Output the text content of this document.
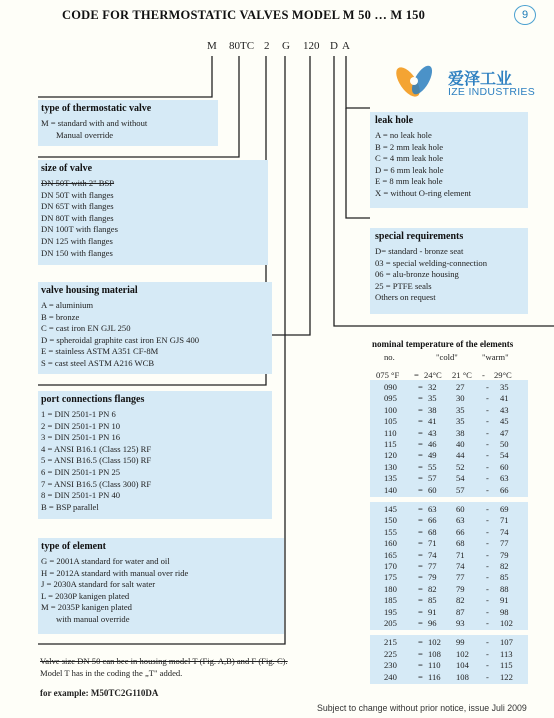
CODE FOR THERMOSTATIC VALVES MODEL M 50 … M 150	9
M 80TC 2 G 120 D A
爱泽工业
IZE INDUSTRIES
type of thermostatic valve
M = standard with and without
Manual override
size of valve
DN 50T with 2" BSP
DN 50T with flanges
DN 65T with flanges
DN 80T with flanges
DN 100T with flanges
DN 125 with flanges
DN 150 with flanges
valve housing material
A = aluminium
B = bronze
C = cast iron EN GJL 250
D = spheroidal graphite cast iron EN GJS 400
E = stainless ASTM A351 CF-8M
S = cast steel ASTM A216 WCB
port connections flanges
1 = DIN 2501-1 PN 6
2 = DIN 2501-1 PN 10
3 = DIN 2501-1 PN 16
4 = ANSI B16.1 (Class 125) RF
5 = ANSI B16.5 (Class 150) RF
6 = DIN 2501-1 PN 25
7 = ANSI B16.5 (Class 300) RF
8 = DIN 2501-1 PN 40
B = BSP parallel
type of element
G = 2001A standard for water and oil
H = 2012A standard with manual over ride
J = 2030A standard for salt water
L = 2030P kanigen plated
M = 2035P kanigen plated
with manual override
Valve size DN 50 can bee in housing model T (Fig. A,B) and F (Fig. C). Model T has in the coding the „T" added.
for example: M50TC2G110DA
leak hole
A = no leak hole
B = 2 mm leak hole
C = 4 mm leak hole
D = 6 mm leak hole
E = 8 mm leak hole
X = without O-ring element
special requirements
D= standard - bronze seat
03 = special welding-connection
06 = alu-bronze housing
25 = PTFE seals
Others on request
nominal temperature of the elements
no.	"cold"	"warm"
075 °F = 24°C 21 °C - 29°C
090 = 32 27 - 35
095 = 35 30 - 41
100 = 38 35 - 43
105 = 41 35 - 45
110 = 43 38 - 47
115 = 46 40 - 50
120 = 49 44 - 54
130 = 55 52 - 60
135 = 57 54 - 63
140 = 60 57 - 66
145 = 63 60 - 69
150 = 66 63 - 71
155 = 68 66 - 74
160 = 71 68 - 77
165 = 74 71 - 79
170 = 77 74 - 82
175 = 79 77 - 85
180 = 82 79 - 88
185 = 85 82 - 91
195 = 91 87 - 98
205 = 96 93 - 102
215 = 102 99 - 107
225 = 108 102 - 113
230 = 110 104 - 115
240 = 116 108 - 122
Subject to change without prior notice, issue Juli 2009
